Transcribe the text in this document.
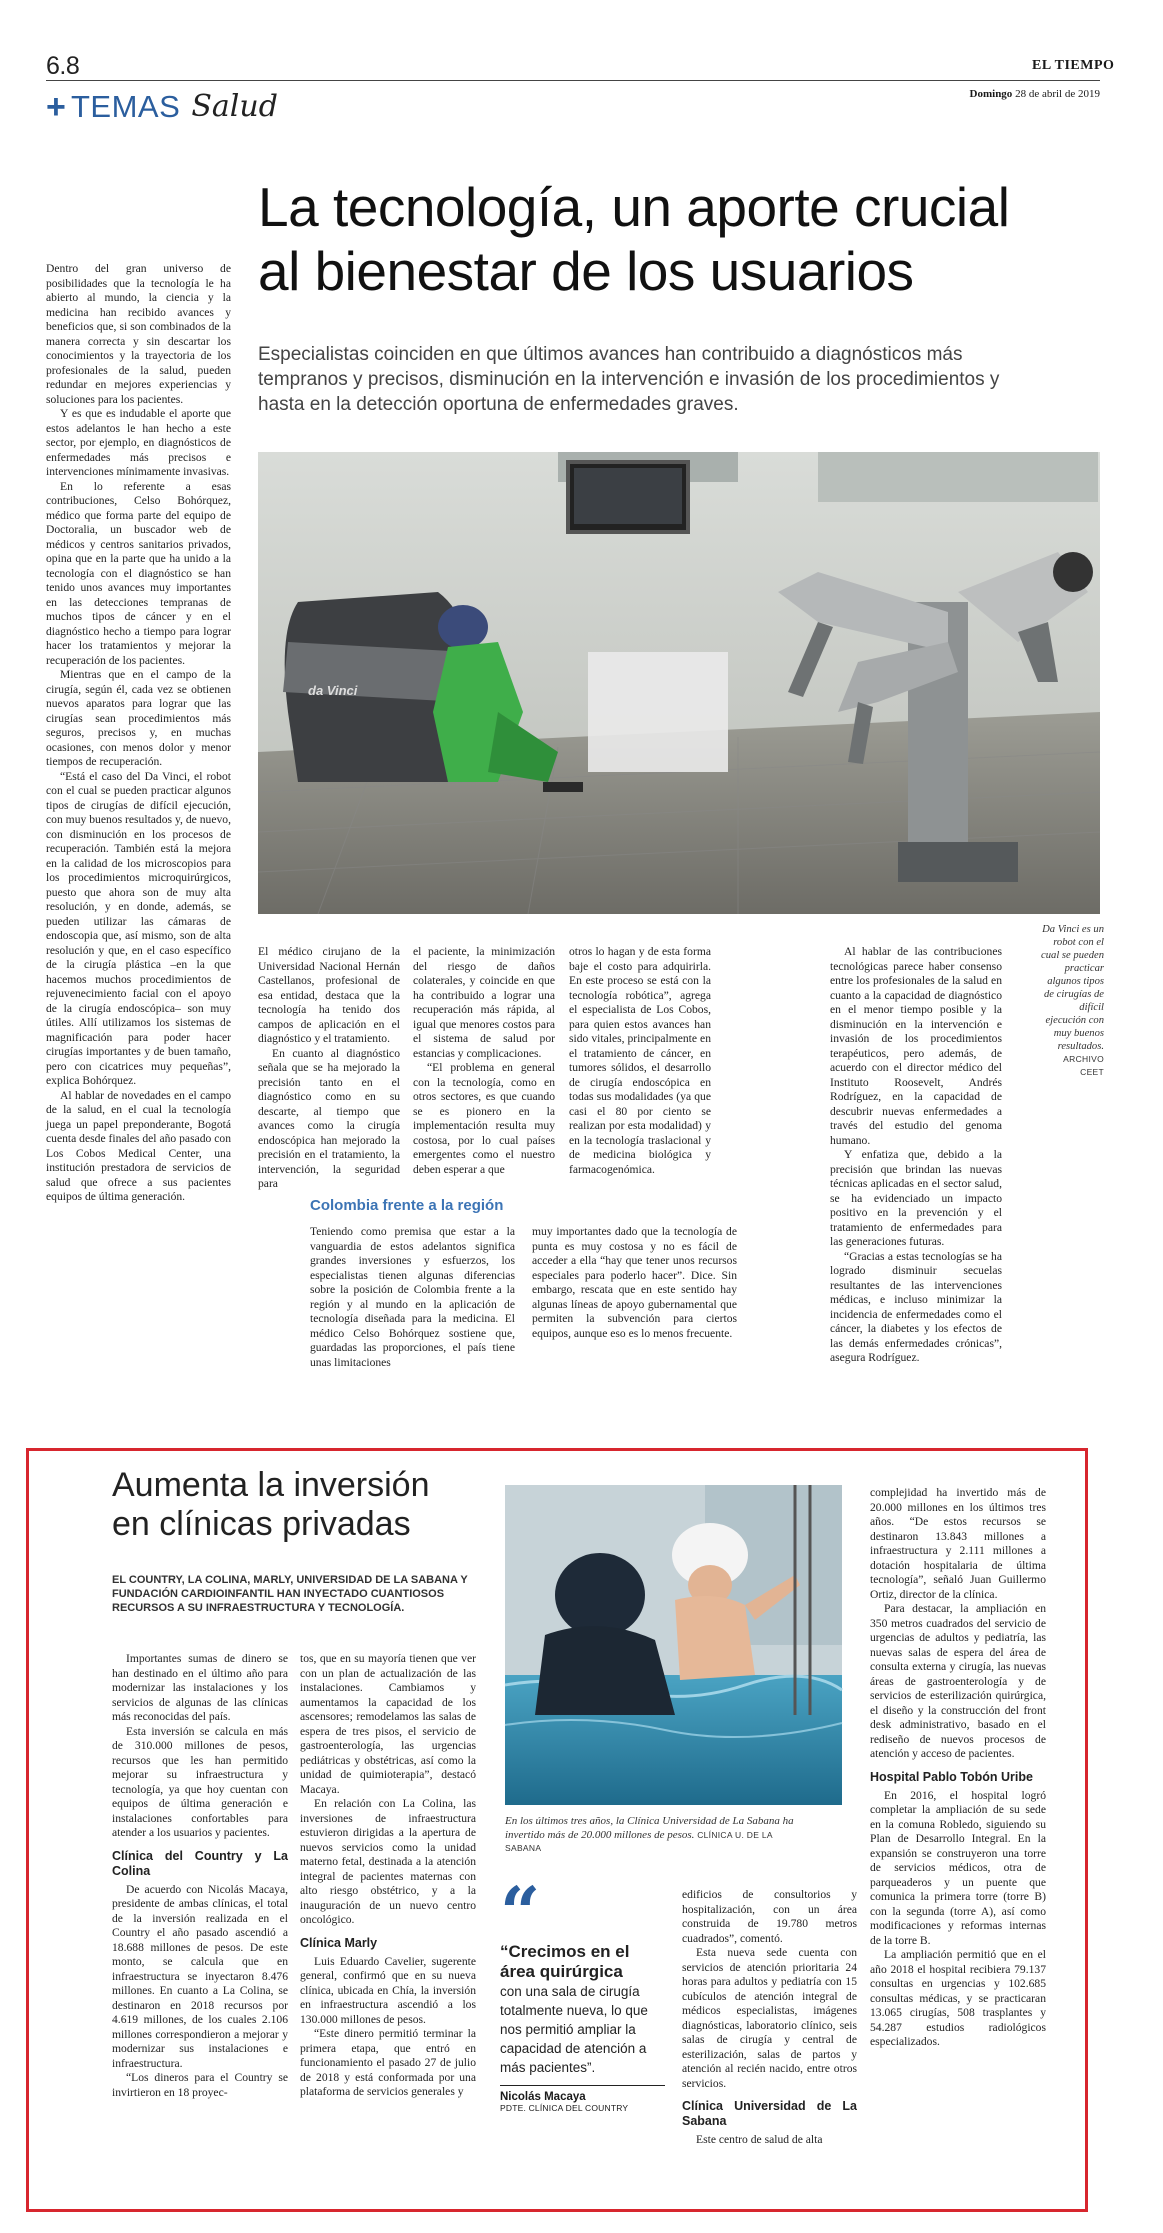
6.8	EL TIEMPO
+ TEMAS Salud	Domingo 28 de abril de 2019
La tecnología, un aporte crucial
al bienestar de los usuarios
Especialistas coinciden en que últimos avances han contribuido a diagnósticos más tempranos y precisos, disminución en la intervención e invasión de los procedimientos y hasta en la detección oportuna de enfermedades graves.

Dentro del gran universo de posibilidades que la tecnología le ha abierto al mundo, la ciencia y la medicina han recibido avances y beneficios que, si son combinados de la manera correcta y sin descartar los conocimientos y la trayectoria de los profesionales de la salud, pueden redundar en mejores experiencias y soluciones para los pacientes.

Y es que es indudable el aporte que estos adelantos le han hecho a este sector, por ejemplo, en diagnósticos de enfermedades más precisos e intervenciones mínimamente invasivas.

En lo referente a esas contribuciones, Celso Bohórquez, médico que forma parte del equipo de Doctoralia, un buscador web de médicos y centros sanitarios privados, opina que en la parte que ha unido a la tecnología con el diagnóstico se han tenido unos avances muy importantes en las detecciones tempranas de muchos tipos de cáncer y en el diagnóstico hecho a tiempo para lograr hacer los tratamientos y mejorar la recuperación de los pacientes.

Mientras que en el campo de la cirugía, según él, cada vez se obtienen nuevos aparatos para lograr que las cirugías sean procedimientos más seguros, precisos y, en muchas ocasiones, con menos dolor y menor tiempos de recuperación.

“Está el caso del Da Vinci, el robot con el cual se pueden practicar algunos tipos de cirugías de difícil ejecución, con muy buenos resultados y, de nuevo, con disminución en los procesos de recuperación. También está la mejora en la calidad de los microscopios para los procedimientos microquirúrgicos, puesto que ahora son de muy alta resolución, y en donde, además, se pueden utilizar las cámaras de endoscopia que, así mismo, son de alta resolución y que, en el caso específico de la cirugía plástica –en la que hacemos muchos procedimientos de rejuvenecimiento facial con el apoyo de la cirugía endoscópica– son muy útiles. Allí utilizamos los sistemas de magnificación para poder hacer cirugías importantes y de buen tamaño, pero con cicatrices muy pequeñas”, explica Bohórquez.

Al hablar de novedades en el campo de la salud, en el cual la tecnología juega un papel preponderante, Bogotá cuenta desde finales del año pasado con Los Cobos Medical Center, una institución prestadora de servicios de salud que ofrece a sus pacientes equipos de última generación.

da Vinci
Da Vinci es un robot con el cual se pueden practicar algunos tipos de cirugías de difícil ejecución con muy buenos resultados.
ARCHIVO CEET

El médico cirujano de la Universidad Nacional Hernán Castellanos, profesional de esa entidad, destaca que la tecnología ha tenido dos campos de aplicación en el diagnóstico y el tratamiento.

En cuanto al diagnóstico señala que se ha mejorado la precisión tanto en el diagnóstico como en su descarte, al tiempo que avances como la cirugía endoscópica han mejorado la precisión en el tratamiento, la intervención, la seguridad para

el paciente, la minimización del riesgo de daños colaterales, y coincide en que ha contribuido a lograr una recuperación más rápida, al igual que menores costos para el sistema de salud por estancias y complicaciones.

“El problema en general con la tecnología, como en otros sectores, es que cuando se es pionero en la implementación resulta muy costosa, por lo cual países emergentes como el nuestro deben esperar a que

otros lo hagan y de esta forma baje el costo para adquirirla. En este proceso se está con la tecnología robótica”, agrega el especialista de Los Cobos, para quien estos avances han sido vitales, principalmente en el tratamiento de cáncer, en tumores sólidos, el desarrollo de cirugía endoscópica en todas sus modalidades (ya que casi el 80 por ciento se realizan por esta modalidad) y en la tecnología traslacional y de medicina biológica y farmacogenómica.

Al hablar de las contribuciones tecnológicas parece haber consenso entre los profesionales de la salud en cuanto a la capacidad de diagnóstico en el menor tiempo posible y la disminución en la intervención e invasión de los procedimientos terapéuticos, pero además, de acuerdo con el director médico del Instituto Roosevelt, Andrés Rodríguez, en la capacidad de descubrir nuevas enfermedades a través del estudio del genoma humano.

Y enfatiza que, debido a la precisión que brindan las nuevas técnicas aplicadas en el sector salud, se ha evidenciado un impacto positivo en la prevención y el tratamiento de enfermedades para las generaciones futuras.

“Gracias a estas tecnologías se ha logrado disminuir secuelas resultantes de las intervenciones médicas, e incluso minimizar la incidencia de enfermedades como el cáncer, la diabetes y los efectos de las demás enfermedades crónicas”, asegura Rodríguez.

Colombia frente a la región

Teniendo como premisa que estar a la vanguardia de estos adelantos significa grandes inversiones y esfuerzos, los especialistas tienen algunas diferencias sobre la posición de Colombia frente a la región y al mundo en la aplicación de tecnología diseñada para la medicina. El médico Celso Bohórquez sostiene que, guardadas las proporciones, el país tiene unas limitaciones

muy importantes dado que la tecnología de punta es muy costosa y no es fácil de acceder a ella “hay que tener unos recursos especiales para poderlo hacer”. Dice. Sin embargo, rescata que en este sentido hay algunas líneas de apoyo gubernamental que permiten la subvención para ciertos equipos, aunque eso es lo menos frecuente.

Aumenta la inversión
en clínicas privadas
EL COUNTRY, LA COLINA, MARLY, UNIVERSIDAD DE LA SABANA Y FUNDACIÓN CARDIOINFANTIL HAN INYECTADO CUANTIOSOS RECURSOS A SU INFRAESTRUCTURA Y TECNOLOGÍA.

Importantes sumas de dinero se han destinado en el último año para modernizar las instalaciones y los servicios de algunas de las clínicas más reconocidas del país.

Esta inversión se calcula en más de 310.000 millones de pesos, recursos que les han permitido mejorar su infraestructura y tecnología, ya que hoy cuentan con equipos de última generación e instalaciones confortables para atender a los usuarios y pacientes.

Clínica del Country y La Colina

De acuerdo con Nicolás Macaya, presidente de ambas clínicas, el total de la inversión realizada en el Country el año pasado ascendió a 18.688 millones de pesos. De este monto, se calcula que en infraestructura se inyectaron 8.476 millones. En cuanto a La Colina, se destinaron en 2018 recursos por 4.619 millones, de los cuales 2.106 millones correspondieron a mejorar y modernizar sus instalaciones e infraestructura.

“Los dineros para el Country se invirtieron en 18 proyec-

tos, que en su mayoría tienen que ver con un plan de actualización de las instalaciones. Cambiamos y aumentamos la capacidad de los ascensores; remodelamos las salas de espera de tres pisos, el servicio de gastroenterología, las urgencias pediátricas y obstétricas, así como la unidad de quimioterapia”, destacó Macaya.

En relación con La Colina, las inversiones de infraestructura estuvieron dirigidas a la apertura de nuevos servicios como la unidad materno fetal, destinada a la atención integral de pacientes maternas con alto riesgo obstétrico, y a la inauguración de un nuevo centro oncológico.

Clínica Marly

Luis Eduardo Cavelier, sugerente general, confirmó que en su nueva clínica, ubicada en Chía, la inversión en infraestructura ascendió a los 130.000 millones de pesos.

“Este dinero permitió terminar la primera etapa, que entró en funcionamiento el pasado 27 de julio de 2018 y está conformada por una plataforma de servicios generales y

En los últimos tres años, la Clínica Universidad de La Sabana ha invertido más de 20.000 millones de pesos. CLÍNICA U. DE LA SABANA
“
“Crecimos en el área quirúrgica
con una sala de cirugía totalmente nueva, lo que nos permitió ampliar la capacidad de atención a más pacientes”.
Nicolás Macaya
PDTE. CLÍNICA DEL COUNTRY

edificios de consultorios y hospitalización, con un área construida de 19.780 metros cuadrados”, comentó.

Esta nueva sede cuenta con servicios de atención prioritaria 24 horas para adultos y pediatría con 15 cubículos de atención integral de médicos especialistas, imágenes diagnósticas, laboratorio clínico, seis salas de cirugía y central de esterilización, salas de partos y atención al recién nacido, entre otros servicios.

Clínica Universidad de La Sabana

Este centro de salud de alta

complejidad ha invertido más de 20.000 millones en los últimos tres años. “De estos recursos se destinaron 13.843 millones a infraestructura y 2.111 millones a dotación hospitalaria de última tecnología”, señaló Juan Guillermo Ortiz, director de la clínica.

Para destacar, la ampliación en 350 metros cuadrados del servicio de urgencias de adultos y pediatría, las nuevas salas de espera del área de consulta externa y cirugía, las nuevas áreas de gastroenterología y de servicios de esterilización quirúrgica, el diseño y la construcción del front desk administrativo, basado en el rediseño de nuevos procesos de atención y acceso de pacientes.

Hospital Pablo Tobón Uribe

En 2016, el hospital logró completar la ampliación de su sede en la comuna Robledo, siguiendo su Plan de Desarrollo Integral. En la expansión se construyeron una torre de servicios médicos, otra de parqueaderos y un puente que comunica la primera torre (torre B) con la segunda (torre A), así como modificaciones y reformas internas de la torre B.

La ampliación permitió que en el año 2018 el hospital recibiera 79.137 consultas en urgencias y 102.685 consultas médicas, y se practicaran 13.065 cirugías, 508 trasplantes y 54.287 estudios radiológicos especializados.
